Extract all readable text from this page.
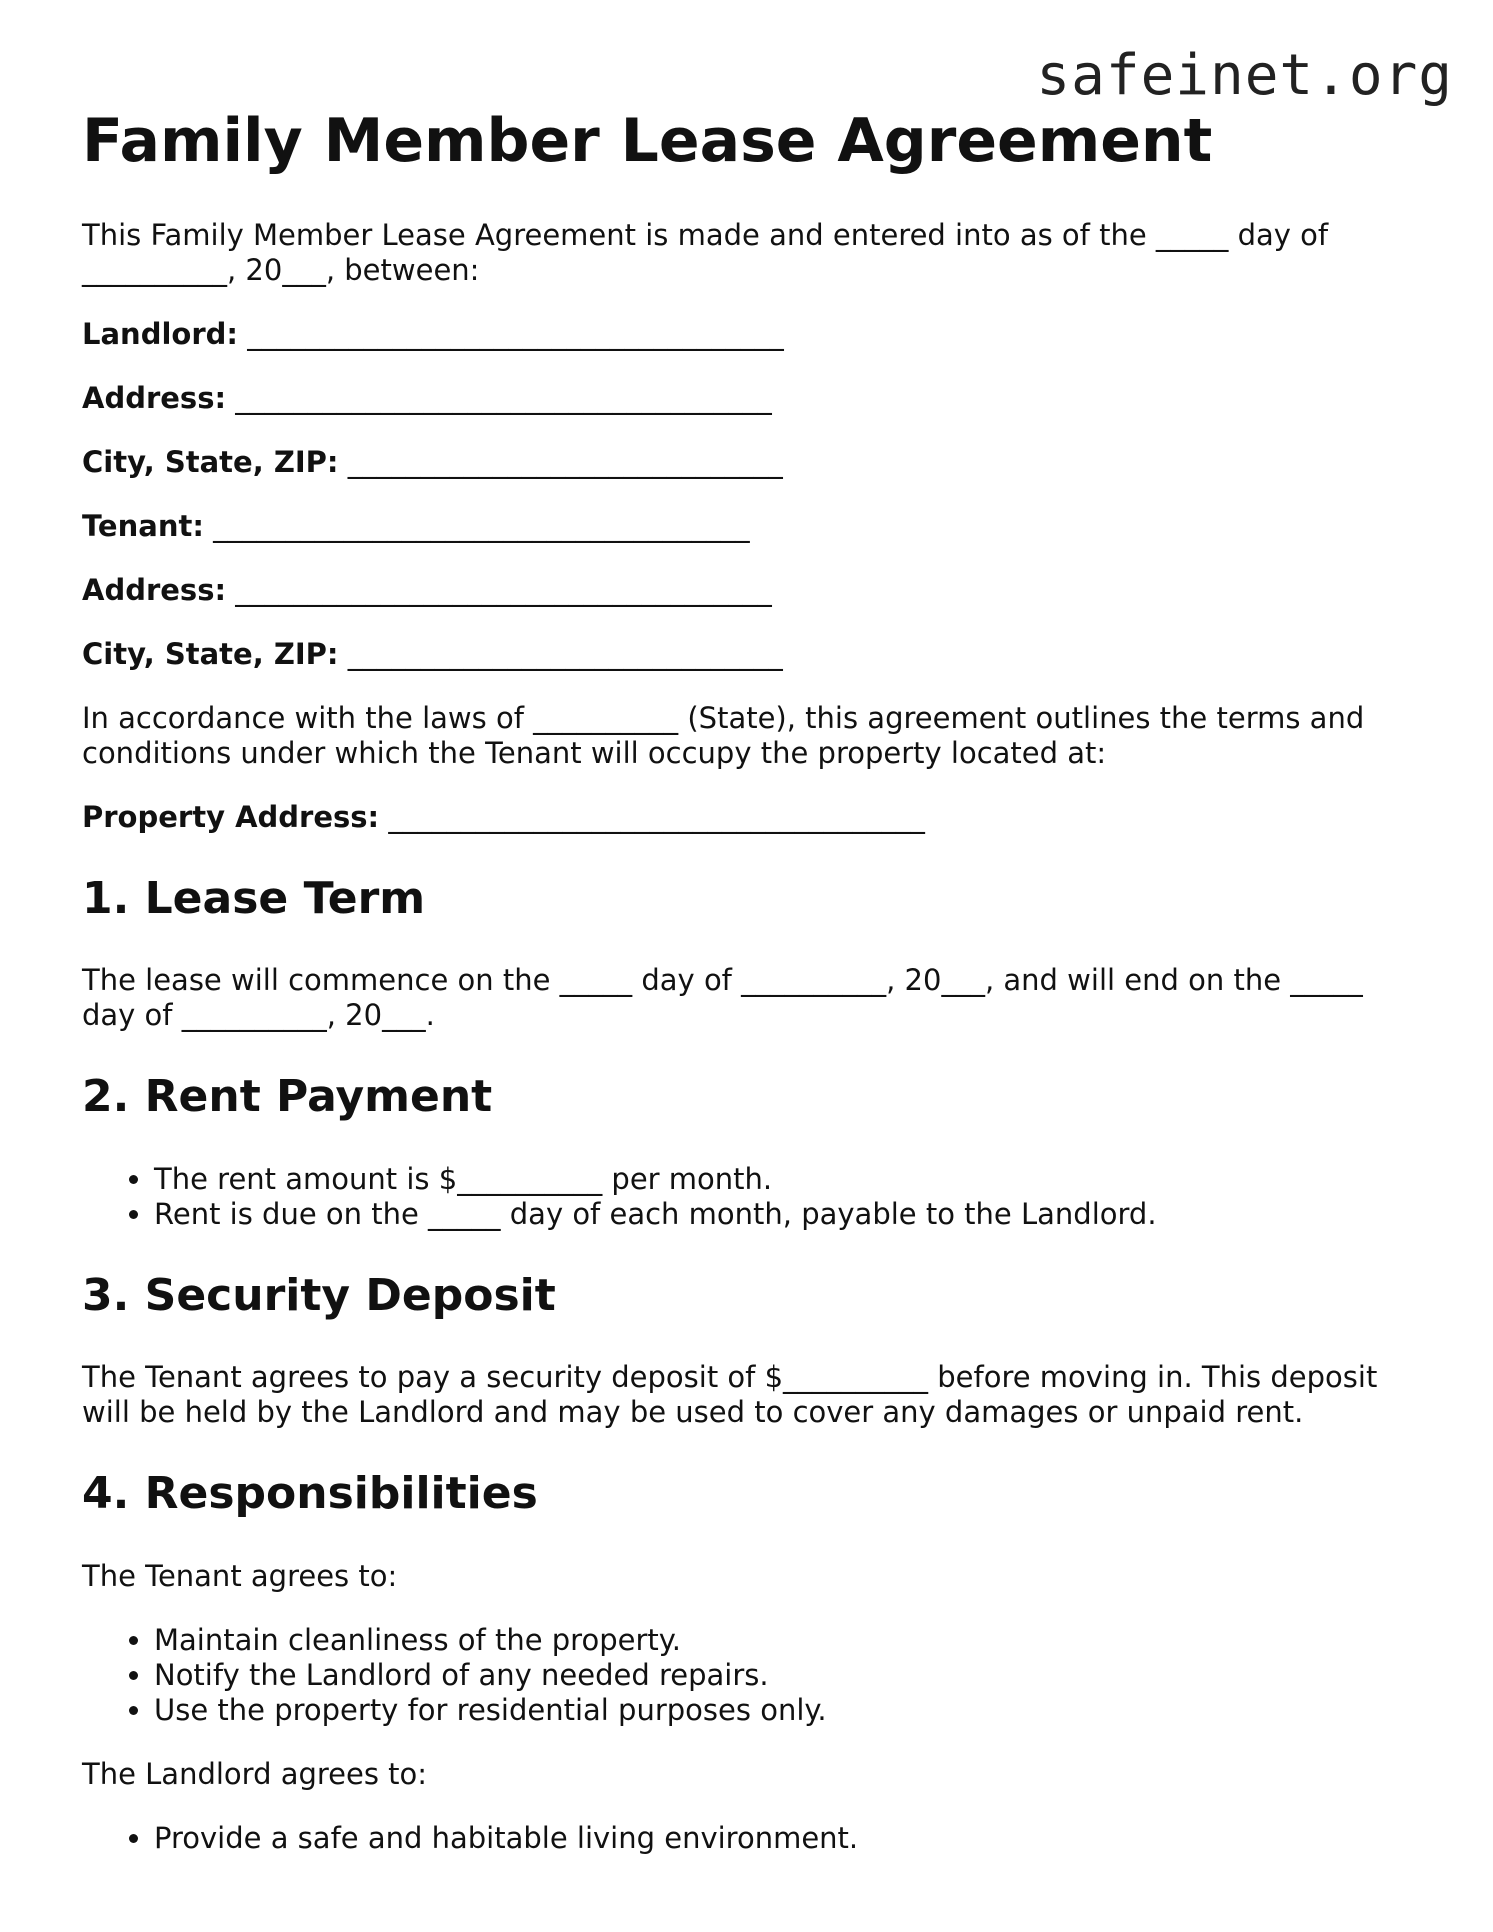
safeinet.org
Family Member Lease Agreement

This Family Member Lease Agreement is made and entered into as of the _____ day of __________, 20___, between:

Landlord: _____________________________________
Address: _____________________________________
City, State, ZIP: ______________________________
Tenant: _____________________________________
Address: _____________________________________
City, State, ZIP: ______________________________

In accordance with the laws of __________ (State), this agreement outlines the terms and conditions under which the Tenant will occupy the property located at:

Property Address: _____________________________________
1. Lease Term

The lease will commence on the _____ day of __________, 20___, and will end on the _____ day of __________, 20___.

2. Rent Payment
• The rent amount is $__________ per month.
• Rent is due on the _____ day of each month, payable to the Landlord.
3. Security Deposit

The Tenant agrees to pay a security deposit of $__________ before moving in. This deposit will be held by the Landlord and may be used to cover any damages or unpaid rent.

4. Responsibilities

The Tenant agrees to:

• Maintain cleanliness of the property.
• Notify the Landlord of any needed repairs.
• Use the property for residential purposes only.

The Landlord agrees to:

• Provide a safe and habitable living environment.
